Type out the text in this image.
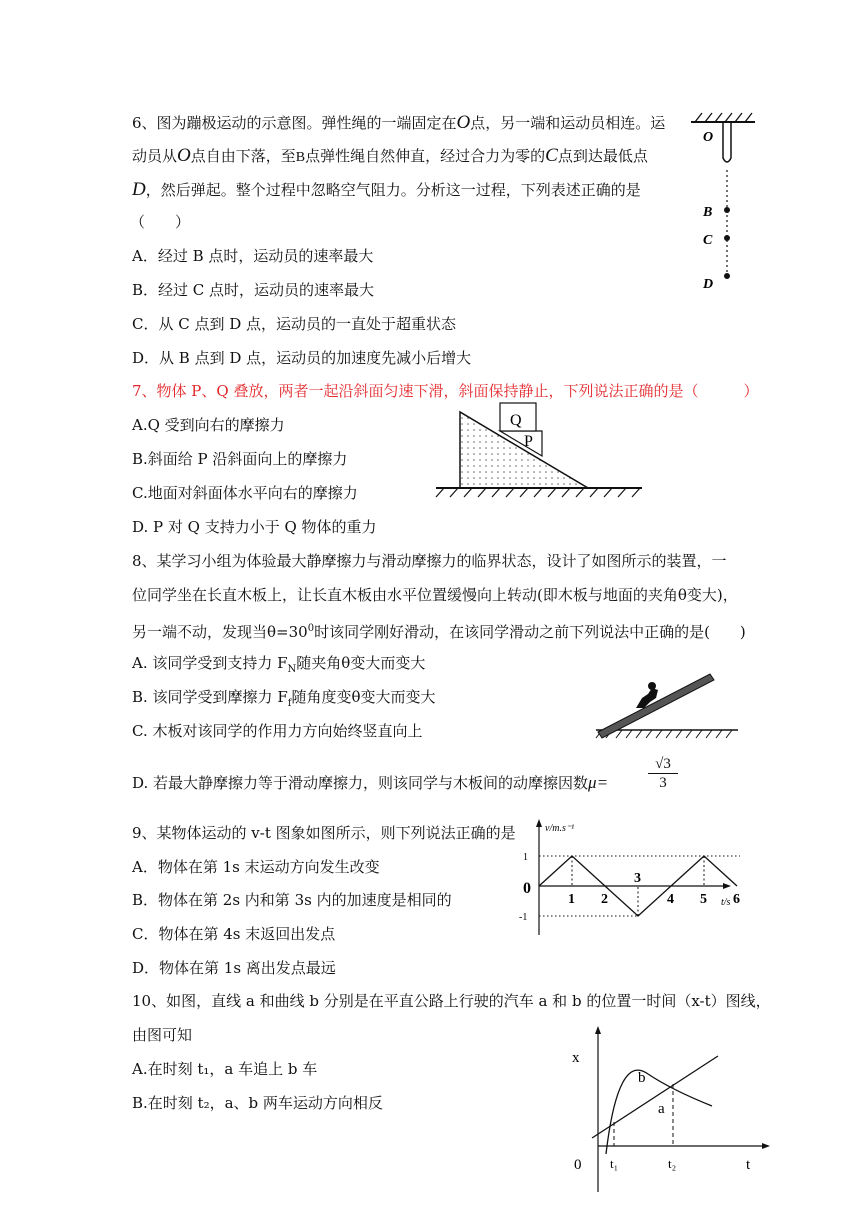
6、图为蹦极运动的示意图。弹性绳的一端固定在O点，另一端和运动员相连。运
动员从O点自由下落，至B点弹性绳自然伸直，经过合力为零的C点到达最低点
D，然后弹起。整个过程中忽略空气阻力。分析这一过程，下列表述正确的是
（　　）
A．经过 B 点时，运动员的速率最大
B．经过 C 点时，运动员的速率最大
C．从 C 点到 D 点，运动员的一直处于超重状态
D．从 B 点到 D 点，运动员的加速度先减小后增大
O
B
C
D
7、物体 P、Q 叠放，两者一起沿斜面匀速下滑，斜面保持静止，下列说法正确的是（　　　）
A.Q 受到向右的摩擦力
B.斜面给 P 沿斜面向上的摩擦力
C.地面对斜面体水平向右的摩擦力
D. P 对 Q 支持力小于 Q 物体的重力
Q
P
8、某学习小组为体验最大静摩擦力与滑动摩擦力的临界状态，设计了如图所示的装置，一
位同学坐在长直木板上，让长直木板由水平位置缓慢向上转动(即木板与地面的夹角θ变大)，
另一端不动，发现当$\theta=30^0$时该同学刚好滑动，在该同学滑动之前下列说法中正确的是(　　)
A. 该同学受到支持力 $F_N$随夹角θ变大而变大
B. 该同学受到摩擦力 $F_f$随角度变θ变大而变大
C. 木板对该同学的作用力方向始终竖直向上
D. 若最大静摩擦力等于滑动摩擦力，则该同学与木板间的动摩擦因数μ=	$\frac{√3}{3}$
9、某物体运动的 v-t 图象如图所示，则下列说法正确的是
A．物体在第 1s 末运动方向发生改变
B．物体在第 2s 内和第 3s 内的加速度是相同的
C．物体在第 4s 末返回出发点
D．物体在第 1s 离出发点最远
v/m.s⁻¹
t/s
0
1 2
3
4 5 6
1
-1
10、如图，直线 a 和曲线 b 分别是在平直公路上行驶的汽车 a 和 b 的位置一时间（x-t）图线，
由图可知
A.在时刻 t₁，a 车追上 b 车
B.在时刻 t₂，a、b 两车运动方向相反
x
t
0
b
a
t₁	t₂
